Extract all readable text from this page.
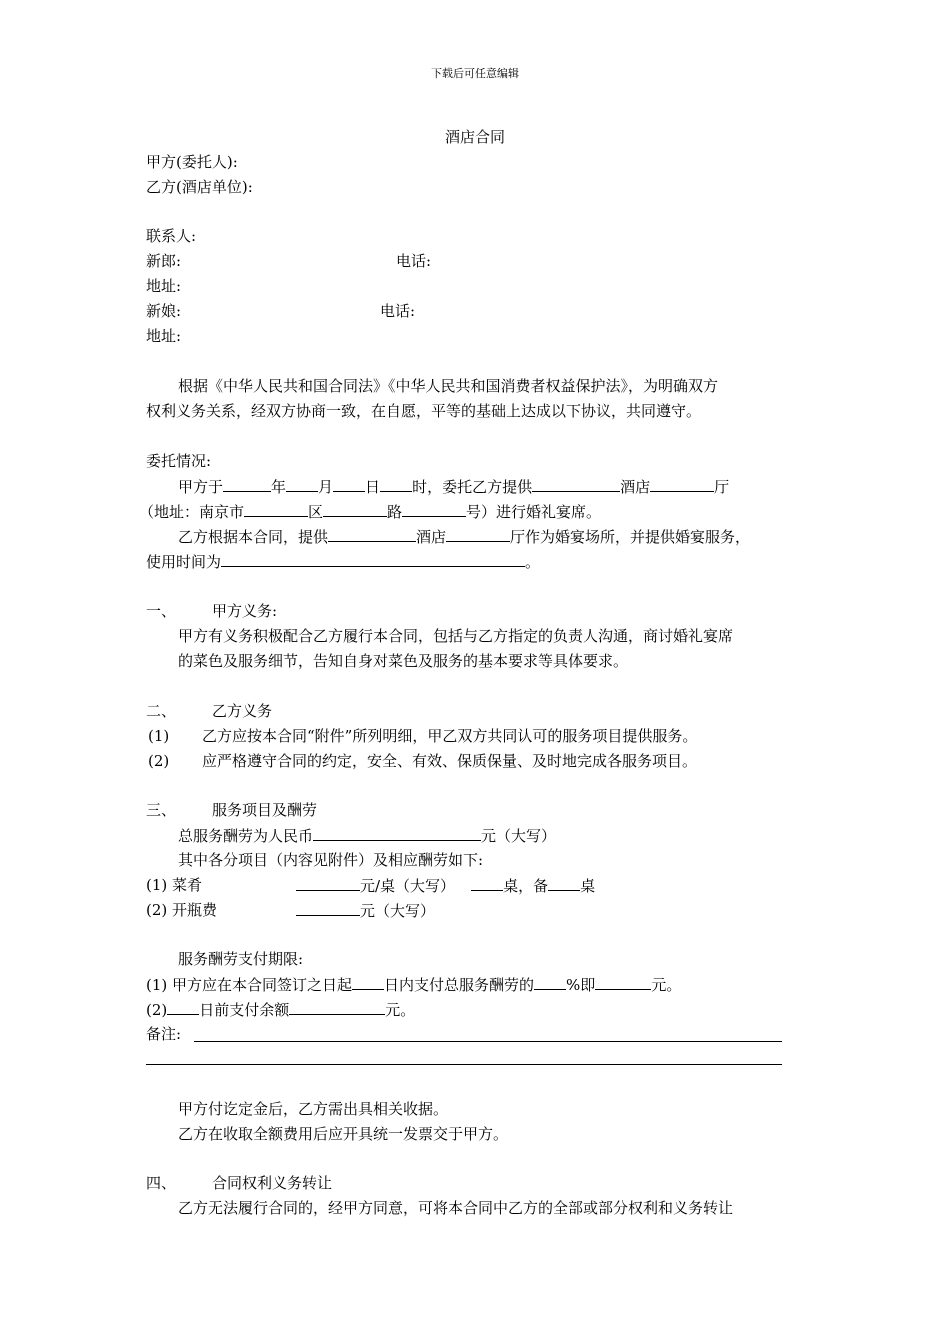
下载后可任意编辑
酒店合同
甲方(委托人):
乙方(酒店单位):
联系人:
新郎:	电话:
地址:
新娘:	电话:
地址:
根据《中华人民共和国合同法》《中华人民共和国消费者权益保护法》，为明确双方
权利义务关系，经双方协商一致，在自愿，平等的基础上达成以下协议，共同遵守。
委托情况:
甲方于	年 月 日 时，委托乙方提供	酒店	厅
（地址：南京市	区	路	号）进行婚礼宴席。
乙方根据本合同，提供	酒店	厅作为婚宴场所，并提供婚宴服务，
使用时间为	。
一、 甲方义务:
甲方有义务积极配合乙方履行本合同，包括与乙方指定的负责人沟通，商讨婚礼宴席
的菜色及服务细节，告知自身对菜色及服务的基本要求等具体要求。
二、 乙方义务
(1) 乙方应按本合同“附件”所列明细，甲乙双方共同认可的服务项目提供服务。
(2) 应严格遵守合同的约定，安全、有效、保质保量、及时地完成各服务项目。
三、 服务项目及酬劳
总服务酬劳为人民币	元（大写）
其中各分项目（内容见附件）及相应酬劳如下:
(1) 菜肴	元/桌（大写）	桌，备 桌
(2) 开瓶费	元（大写）
服务酬劳支付期限:
(1) 甲方应在本合同签订之日起 日内支付总服务酬劳的 %即	元。
(2) 日前支付余额	元。
备注:
甲方付讫定金后，乙方需出具相关收据。
乙方在收取全额费用后应开具统一发票交于甲方。
四、 合同权利义务转让
乙方无法履行合同的，经甲方同意，可将本合同中乙方的全部或部分权利和义务转让
